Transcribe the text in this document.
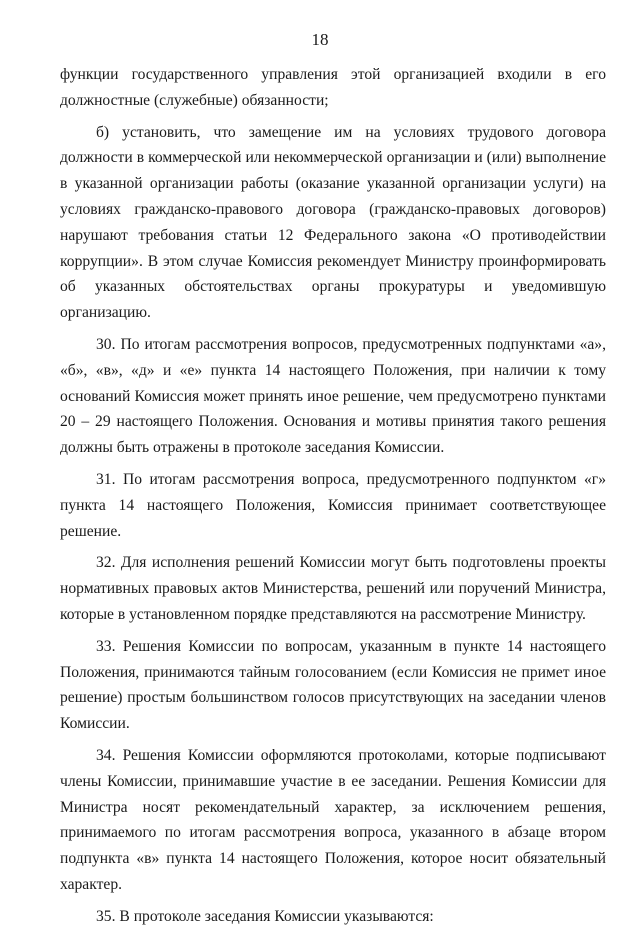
18

функции государственного управления этой организацией входили в его должностные (служебные) обязанности;

б) установить, что замещение им на условиях трудового договора должности в коммерческой или некоммерческой организации и (или) выполнение в указанной организации работы (оказание указанной организации услуги) на условиях гражданско-правового договора (гражданско-правовых договоров) нарушают требования статьи 12 Федерального закона «О противодействии коррупции». В этом случае Комиссия рекомендует Министру проинформировать об указанных обстоятельствах органы прокуратуры и уведомившую организацию.

30. По итогам рассмотрения вопросов, предусмотренных подпунктами «а», «б», «в», «д» и «е» пункта 14 настоящего Положения, при наличии к тому оснований Комиссия может принять иное решение, чем предусмотрено пунктами 20 – 29 настоящего Положения. Основания и мотивы принятия такого решения должны быть отражены в протоколе заседания Комиссии.

31. По итогам рассмотрения вопроса, предусмотренного подпунктом «г» пункта 14 настоящего Положения, Комиссия принимает соответствующее решение.

32. Для исполнения решений Комиссии могут быть подготовлены проекты нормативных правовых актов Министерства, решений или поручений Министра, которые в установленном порядке представляются на рассмотрение Министру.

33. Решения Комиссии по вопросам, указанным в пункте 14 настоящего Положения, принимаются тайным голосованием (если Комиссия не примет иное решение) простым большинством голосов присутствующих на заседании членов Комиссии.

34. Решения Комиссии оформляются протоколами, которые подписывают члены Комиссии, принимавшие участие в ее заседании. Решения Комиссии для Министра носят рекомендательный характер, за исключением решения, принимаемого по итогам рассмотрения вопроса, указанного в абзаце втором подпункта «в» пункта 14 настоящего Положения, которое носит обязательный характер.

35. В протоколе заседания Комиссии указываются:
